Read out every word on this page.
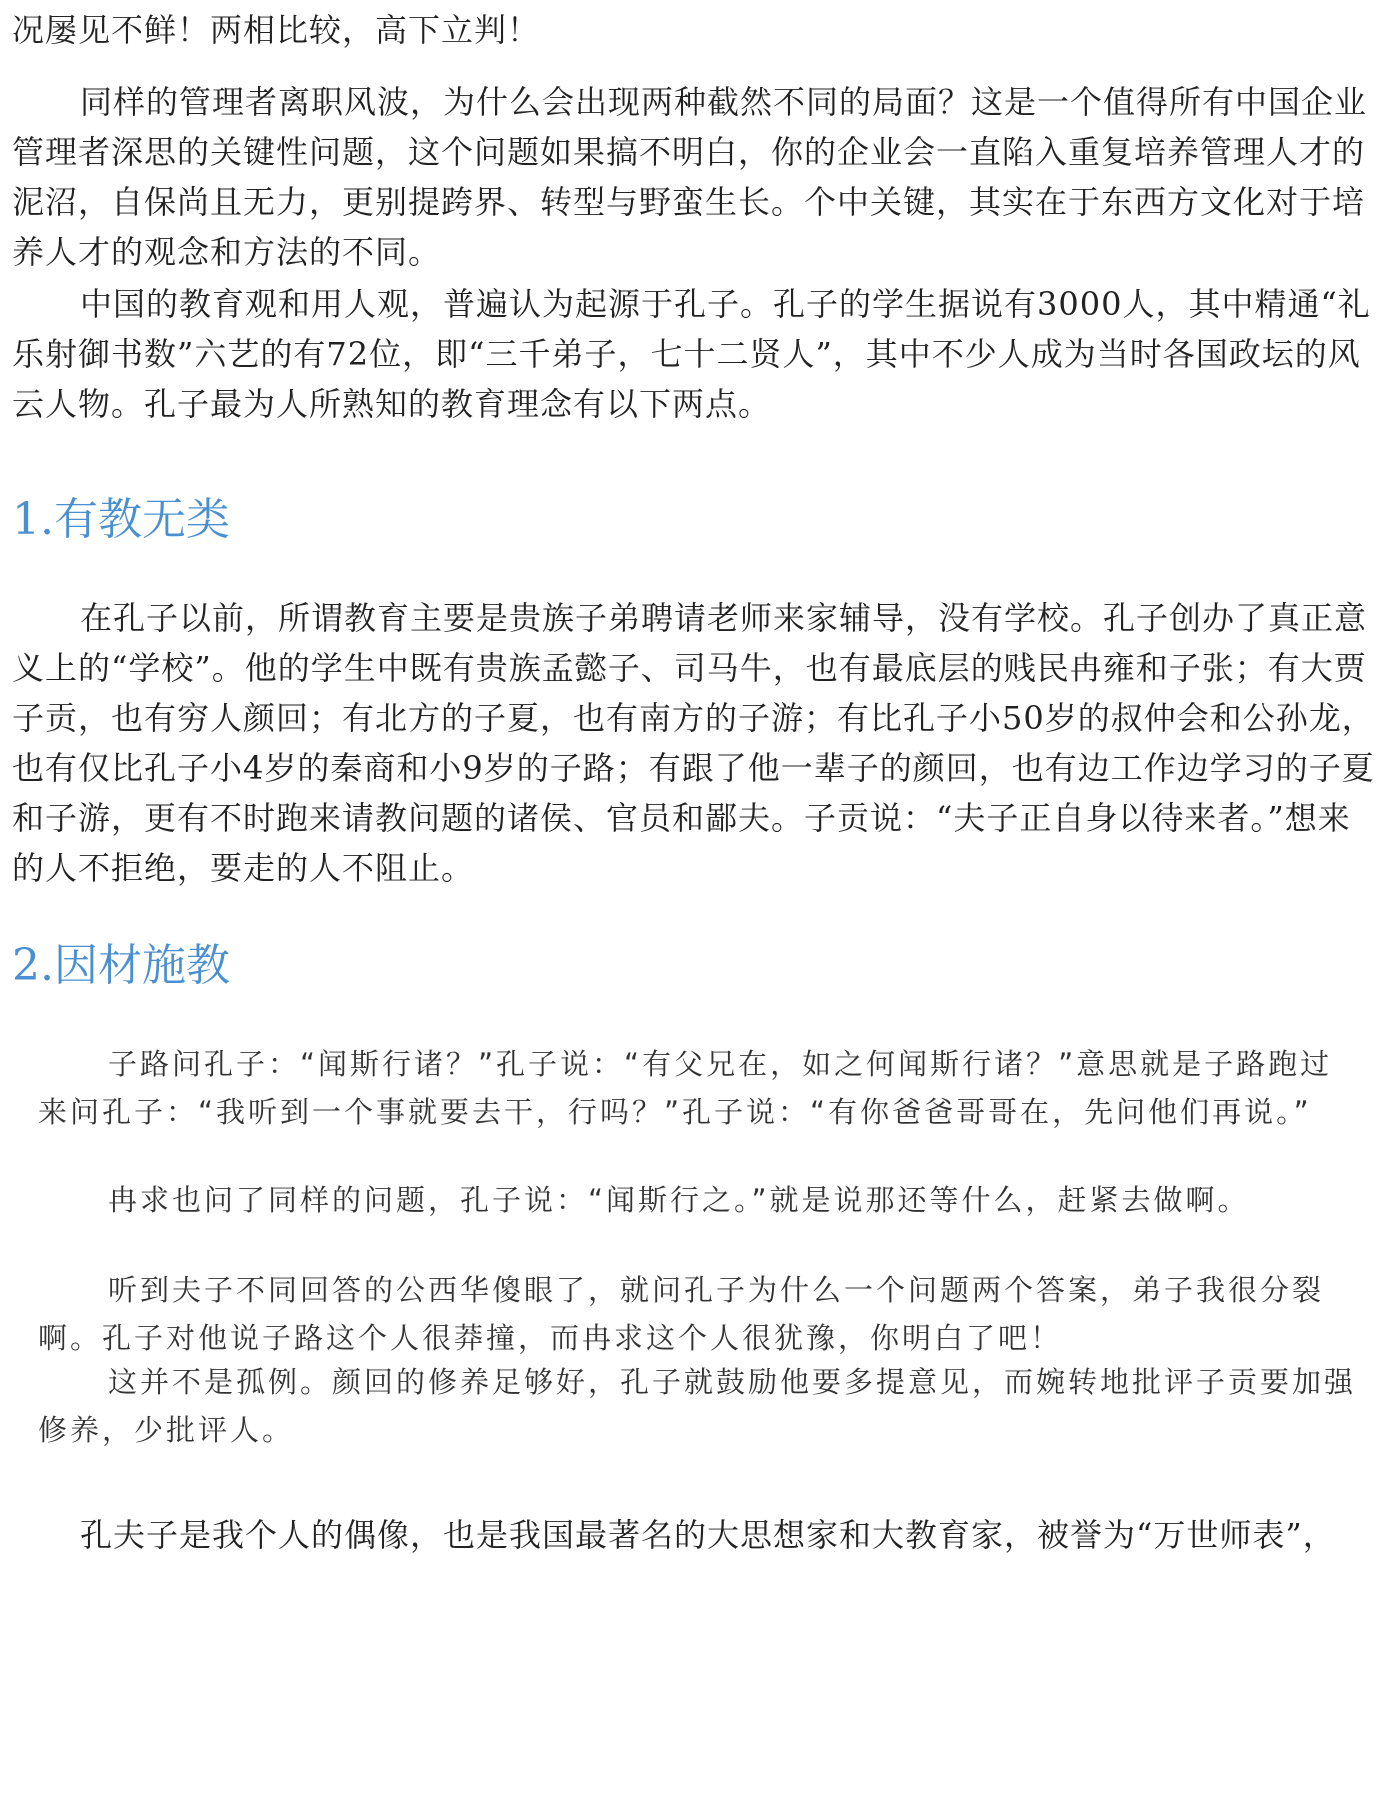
况屡见不鲜！两相比较，高下立判！

同样的管理者离职风波，为什么会出现两种截然不同的局面？这是一个值得所有中国企业管理者深思的关键性问题，这个问题如果搞不明白，你的企业会一直陷入重复培养管理人才的泥沼，自保尚且无力，更别提跨界、转型与野蛮生长。个中关键，其实在于东西方文化对于培养人才的观念和方法的不同。

中国的教育观和用人观，普遍认为起源于孔子。孔子的学生据说有3000人，其中精通“礼乐射御书数”六艺的有72位，即“三千弟子，七十二贤人”，其中不少人成为当时各国政坛的风云人物。孔子最为人所熟知的教育理念有以下两点。

1.有教无类

在孔子以前，所谓教育主要是贵族子弟聘请老师来家辅导，没有学校。孔子创办了真正意义上的“学校”。他的学生中既有贵族孟懿子、司马牛，也有最底层的贱民冉雍和子张；有大贾子贡，也有穷人颜回；有北方的子夏，也有南方的子游；有比孔子小50岁的叔仲会和公孙龙，也有仅比孔子小4岁的秦商和小9岁的子路；有跟了他一辈子的颜回，也有边工作边学习的子夏和子游，更有不时跑来请教问题的诸侯、官员和鄙夫。子贡说：“夫子正自身以待来者。”想来的人不拒绝，要走的人不阻止。

2.因材施教

子路问孔子：“闻斯行诸？”孔子说：“有父兄在，如之何闻斯行诸？”意思就是子路跑过来问孔子：“我听到一个事就要去干，行吗？”孔子说：“有你爸爸哥哥在，先问他们再说。”

冉求也问了同样的问题，孔子说：“闻斯行之。”就是说那还等什么，赶紧去做啊。

听到夫子不同回答的公西华傻眼了，就问孔子为什么一个问题两个答案，弟子我很分裂啊。孔子对他说子路这个人很莽撞，而冉求这个人很犹豫，你明白了吧！

这并不是孤例。颜回的修养足够好，孔子就鼓励他要多提意见，而婉转地批评子贡要加强修养，少批评人。

孔夫子是我个人的偶像，也是我国最著名的大思想家和大教育家，被誉为“万世师表”，
